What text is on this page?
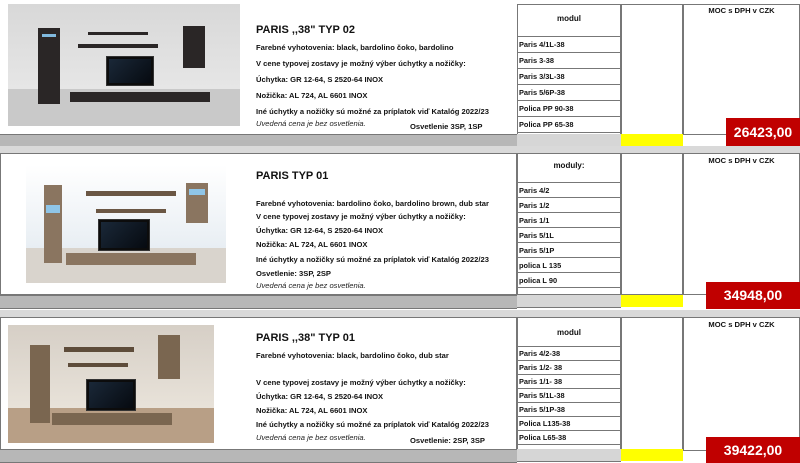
PARIS ,,38" TYP 02
Farebné vyhotovenia: black, bardolino čoko, bardolino
V cene typovej zostavy je možný výber úchytky a nožičky:
Úchytka: GR 12-64, S 2520-64 INOX
Nožička: AL 724, AL 6601 INOX
Iné úchytky a nožičky sú možné za príplatok viď Katalóg 2022/23
Uvedená cena je bez osvetlenia.	Osvetlenie 3SP, 1SP
modul
Paris 4/1L-38
Paris 3-38
Paris 3/3L-38
Paris 5/6P-38
Polica PP 90-38
Polica PP 65-38
MOC s DPH v CZK
26423,00
PARIS TYP 01
Farebné vyhotovenia: bardolino čoko, bardolino brown, dub star
V cene typovej zostavy je možný výber úchytky a nožičky:
Úchytka: GR 12-64, S 2520-64 INOX
Nožička: AL 724, AL 6601 INOX
Iné úchytky a nožičky sú možné za príplatok viď Katalóg 2022/23
Osvetlenie: 3SP, 2SP
Uvedená cena je bez osvetlenia.
moduly:
Paris 4/2
Paris 1/2
Paris 1/1
Paris 5/1L
Paris 5/1P
polica L 135
polica L 90
MOC s DPH v CZK
34948,00
PARIS ,,38" TYP 01
Farebné vyhotovenia: black, bardolino čoko, dub star
V cene typovej zostavy je možný výber úchytky a nožičky:
Úchytka: GR 12-64, S 2520-64 INOX
Nožička: AL 724, AL 6601 INOX
Iné úchytky a nožičky sú možné za príplatok viď Katalóg 2022/23
Uvedená cena je bez osvetlenia.	Osvetlenie: 2SP, 3SP
modul
Paris 4/2-38
Paris 1/2- 38
Paris 1/1- 38
Paris 5/1L-38
Paris 5/1P-38
Polica L135-38
Polica L65-38
MOC s DPH v CZK
39422,00
